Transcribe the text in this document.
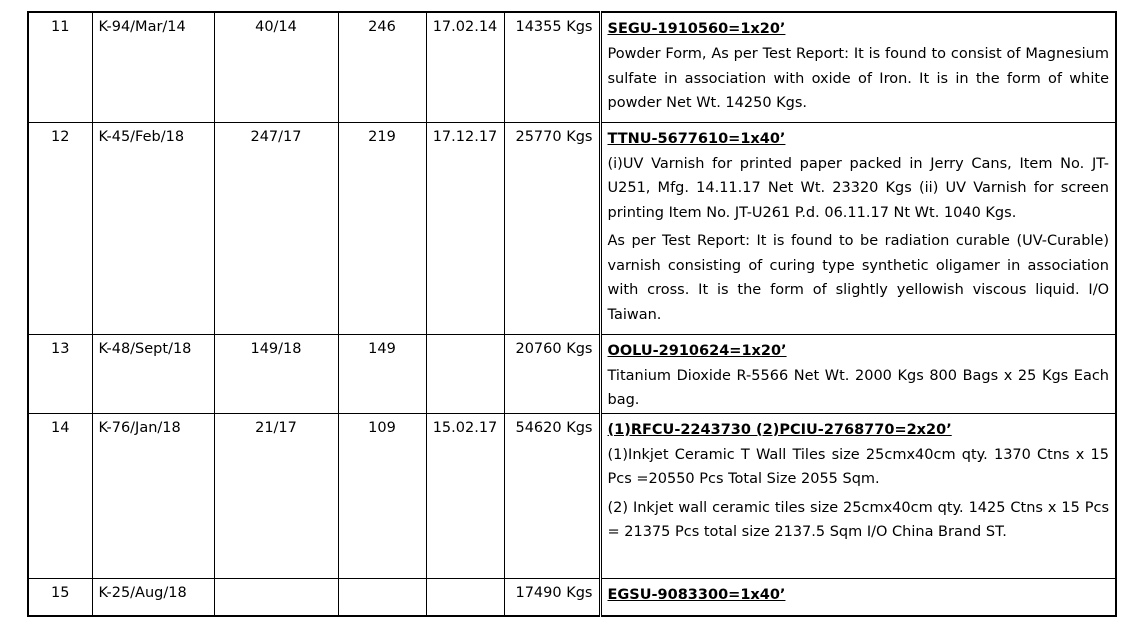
11	K-94/Mar/14	40/14	246	17.02.14	14355 Kgs	SEGU-1910560=1x20’
Powder Form, As per Test Report: It is found to consist of Magnesium sulfate in association with oxide of Iron. It is in the form of white powder Net Wt. 14250 Kgs.

12	K-45/Feb/18	247/17	219	17.12.17	25770 Kgs	TTNU-5677610=1x40’
(i)UV Varnish for printed paper packed in Jerry Cans, Item No. JT-U251, Mfg. 14.11.17 Net Wt. 23320 Kgs (ii) UV Varnish for screen printing Item No. JT-U261 P.d. 06.11.17 Nt Wt. 1040 Kgs.
As per Test Report: It is found to be radiation curable (UV-Curable) varnish consisting of curing type synthetic oligamer in association with cross. It is the form of slightly yellowish viscous liquid. I/O Taiwan.

13	K-48/Sept/18	149/18	149		20760 Kgs	OOLU-2910624=1x20’
Titanium Dioxide R-5566 Net Wt. 2000 Kgs 800 Bags x 25 Kgs Each bag.

14	K-76/Jan/18	21/17	109	15.02.17	54620 Kgs	(1)RFCU-2243730 (2)PCIU-2768770=2x20’
(1)Inkjet Ceramic T Wall Tiles size 25cmx40cm qty. 1370 Ctns x 15 Pcs =20550 Pcs Total Size 2055 Sqm.
(2) Inkjet wall ceramic tiles size 25cmx40cm qty. 1425 Ctns x 15 Pcs = 21375 Pcs total size 2137.5 Sqm I/O China Brand ST.

15	K-25/Aug/18				17490 Kgs	EGSU-9083300=1x40’
